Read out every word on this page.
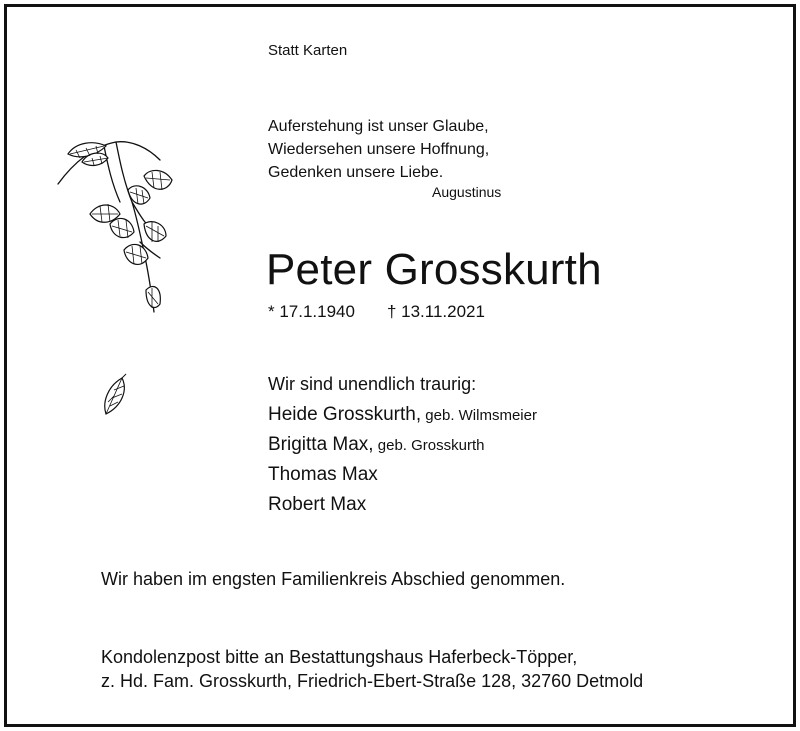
Statt Karten
Auferstehung ist unser Glaube,
Wiedersehen unsere Hoffnung,
Gedenken unsere Liebe.
Augustinus
Peter Grosskurth
* 17.1.1940 † 13.11.2021
Wir sind unendlich traurig:
Heide Grosskurth, geb. Wilmsmeier
Brigitta Max, geb. Grosskurth
Thomas Max
Robert Max
Wir haben im engsten Familienkreis Abschied genommen.
Kondolenzpost bitte an Bestattungshaus Haferbeck-Töpper,
z. Hd. Fam. Grosskurth, Friedrich-Ebert-Straße 128, 32760 Detmold
